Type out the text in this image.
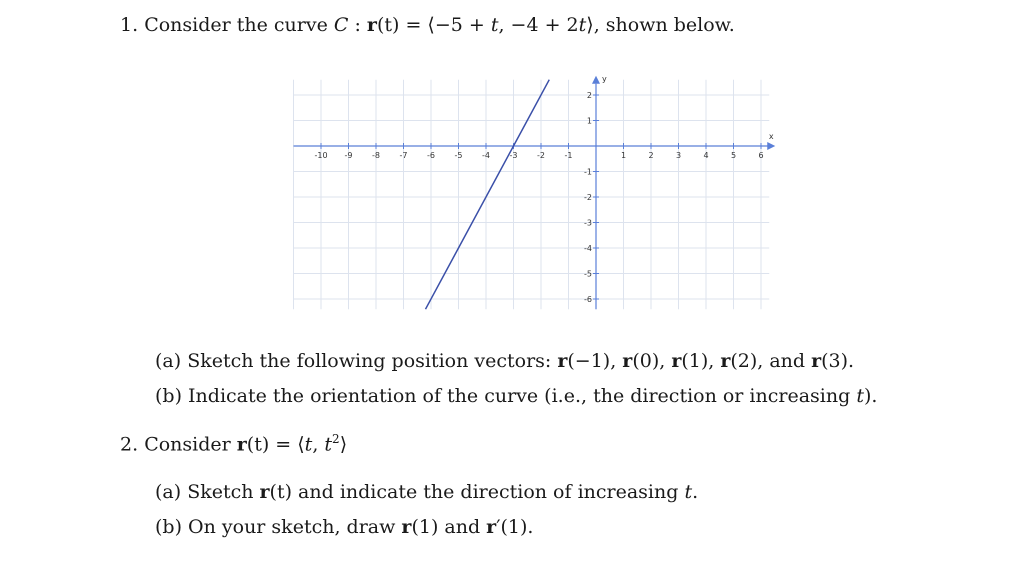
1. Consider the curve C : r(t) = ⟨−5 + t, −4 + 2t⟩, shown below.
x
y
-10 -9 -8 -7 -6 -5 -4 -3 -2 -1	1	2	3	4	5	6
2
1
-1
-2
-3
-4
-5
-6
(a) Sketch the following position vectors: r(−1), r(0), r(1), r(2), and r(3).
(b) Indicate the orientation of the curve (i.e., the direction or increasing t).
2. Consider r(t) = ⟨t, $t^2⟩$
(a) Sketch r(t) and indicate the direction of increasing t.
(b) On your sketch, draw r(1) and r′(1).
